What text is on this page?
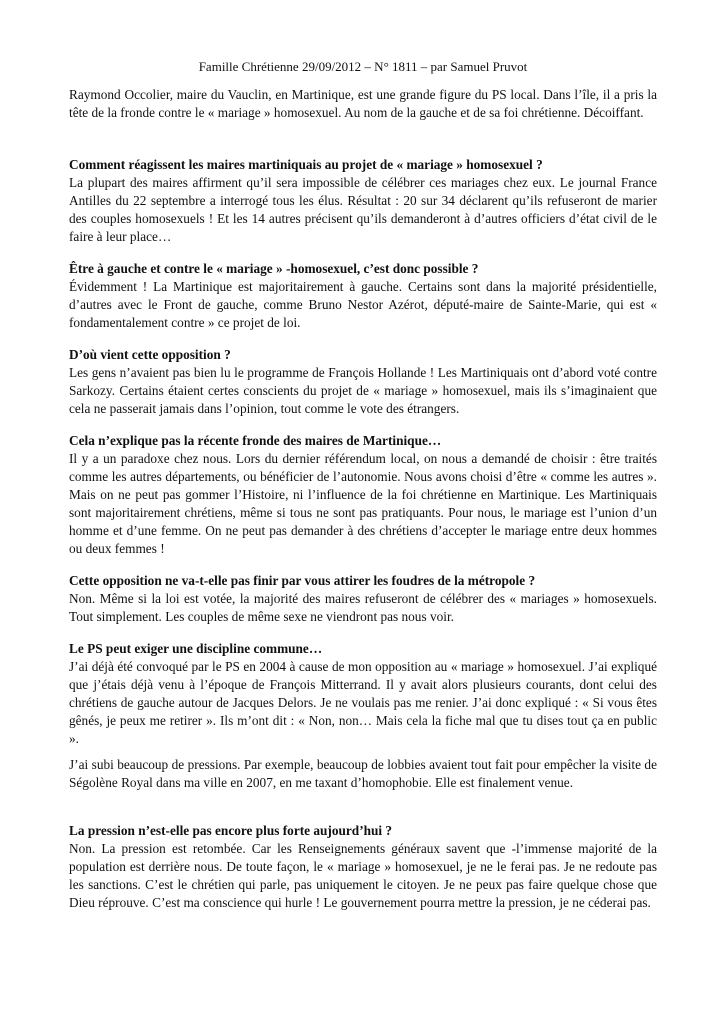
Famille Chrétienne 29/09/2012 – N° 1811 – par Samuel Pruvot

Raymond Occolier, maire du Vauclin, en Martinique, est une grande figure du PS local. Dans l’île, il a pris la tête de la fronde contre le « mariage » homosexuel. Au nom de la gauche et de sa foi chrétienne. Décoiffant.

Comment réagissent les maires martiniquais au projet de « mariage » homosexuel ?

La plupart des maires affirment qu’il sera impossible de célébrer ces mariages chez eux. Le journal France Antilles du 22 septembre a interrogé tous les élus. Résultat : 20 sur 34 déclarent qu’ils refuseront de marier des couples homosexuels ! Et les 14 autres précisent qu’ils demanderont à d’autres officiers d’état civil de le faire à leur place…

Être à gauche et contre le « mariage » -homosexuel, c’est donc possible ?

Évidemment ! La Martinique est majoritairement à gauche. Certains sont dans la majorité présidentielle, d’autres avec le Front de gauche, comme Bruno Nestor Azérot, député-maire de Sainte-Marie, qui est « fondamentalement contre » ce projet de loi.

D’où vient cette opposition ?

Les gens n’avaient pas bien lu le programme de François Hollande ! Les Martiniquais ont d’abord voté contre Sarkozy. Certains étaient certes conscients du projet de « mariage » homosexuel, mais ils s’imaginaient que cela ne passerait jamais dans l’opinion, tout comme le vote des étrangers.

Cela n’explique pas la récente fronde des maires de Martinique…

Il y a un paradoxe chez nous. Lors du dernier référendum local, on nous a demandé de choisir : être traités comme les autres départements, ou bénéficier de l’autonomie. Nous avons choisi d’être « comme les autres ». Mais on ne peut pas gommer l’Histoire, ni l’influence de la foi chrétienne en Martinique. Les Martiniquais sont majoritairement chrétiens, même si tous ne sont pas pratiquants. Pour nous, le mariage est l’union d’un homme et d’une femme. On ne peut pas demander à des chrétiens d’accepter le mariage entre deux hommes ou deux femmes !

Cette opposition ne va-t-elle pas finir par vous attirer les foudres de la métropole ?

Non. Même si la loi est votée, la majorité des maires refuseront de célébrer des « mariages » homosexuels. Tout simplement. Les couples de même sexe ne viendront pas nous voir.

Le PS peut exiger une discipline commune…

J’ai déjà été convoqué par le PS en 2004 à cause de mon opposition au « mariage » homosexuel. J’ai expliqué que j’étais déjà venu à l’époque de François Mitterrand. Il y avait alors plusieurs courants, dont celui des chrétiens de gauche autour de Jacques Delors. Je ne voulais pas me renier. J’ai donc expliqué : « Si vous êtes gênés, je peux me retirer ». Ils m’ont dit : « Non, non… Mais cela la fiche mal que tu dises tout ça en public ».

J’ai subi beaucoup de pressions. Par exemple, beaucoup de lobbies avaient tout fait pour empêcher la visite de Ségolène Royal dans ma ville en 2007, en me taxant d’homophobie. Elle est finalement venue.

La pression n’est-elle pas encore plus forte aujourd’hui ?

Non. La pression est retombée. Car les Renseignements généraux savent que -l’immense majorité de la population est derrière nous. De toute façon, le « mariage » homosexuel, je ne le ferai pas. Je ne redoute pas les sanctions. C’est le chrétien qui parle, pas uniquement le citoyen. Je ne peux pas faire quelque chose que Dieu réprouve. C’est ma conscience qui hurle ! Le gouvernement pourra mettre la pression, je ne céderai pas.
